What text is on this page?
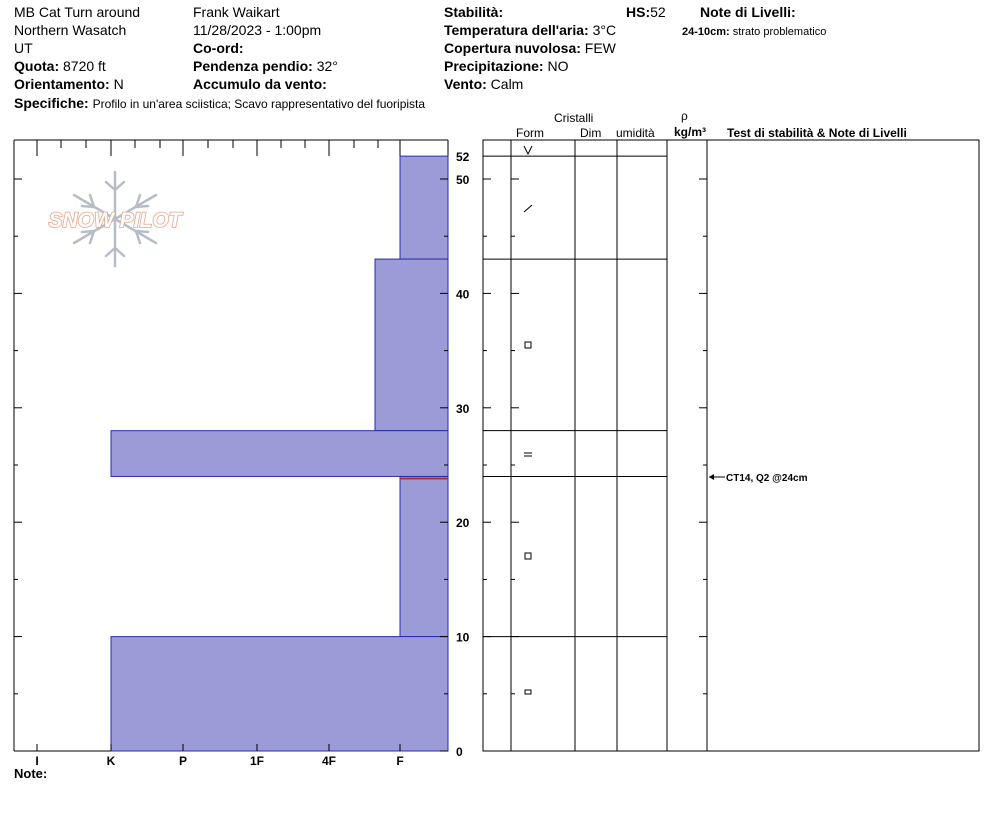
MB Cat Turn around
Northern Wasatch
UT
Quota: 8720 ft
Orientamento: N
Specifiche: Profilo in un'area sciistica; Scavo rappresentativo del fuoripista
Frank Waikart
11/28/2023 - 1:00pm
Co-ord:
Pendenza pendio: 32°
Accumulo da vento:
Stabilità:	HS:52
Temperatura dell'aria: 3°C
Copertura nuvolosa: FEW
Precipitazione: NO
Vento: Calm
Note di Livelli:
24-10cm: strato problematico
Cristalli
Form	Dim umidità
ρ
kg/m³ Test di stabilità & Note di Livelli
SNOW PILOT
I	K	P	1F	4F	F
0
10
20
30
40
50
52
CT14, Q2 @24cm
Note:
